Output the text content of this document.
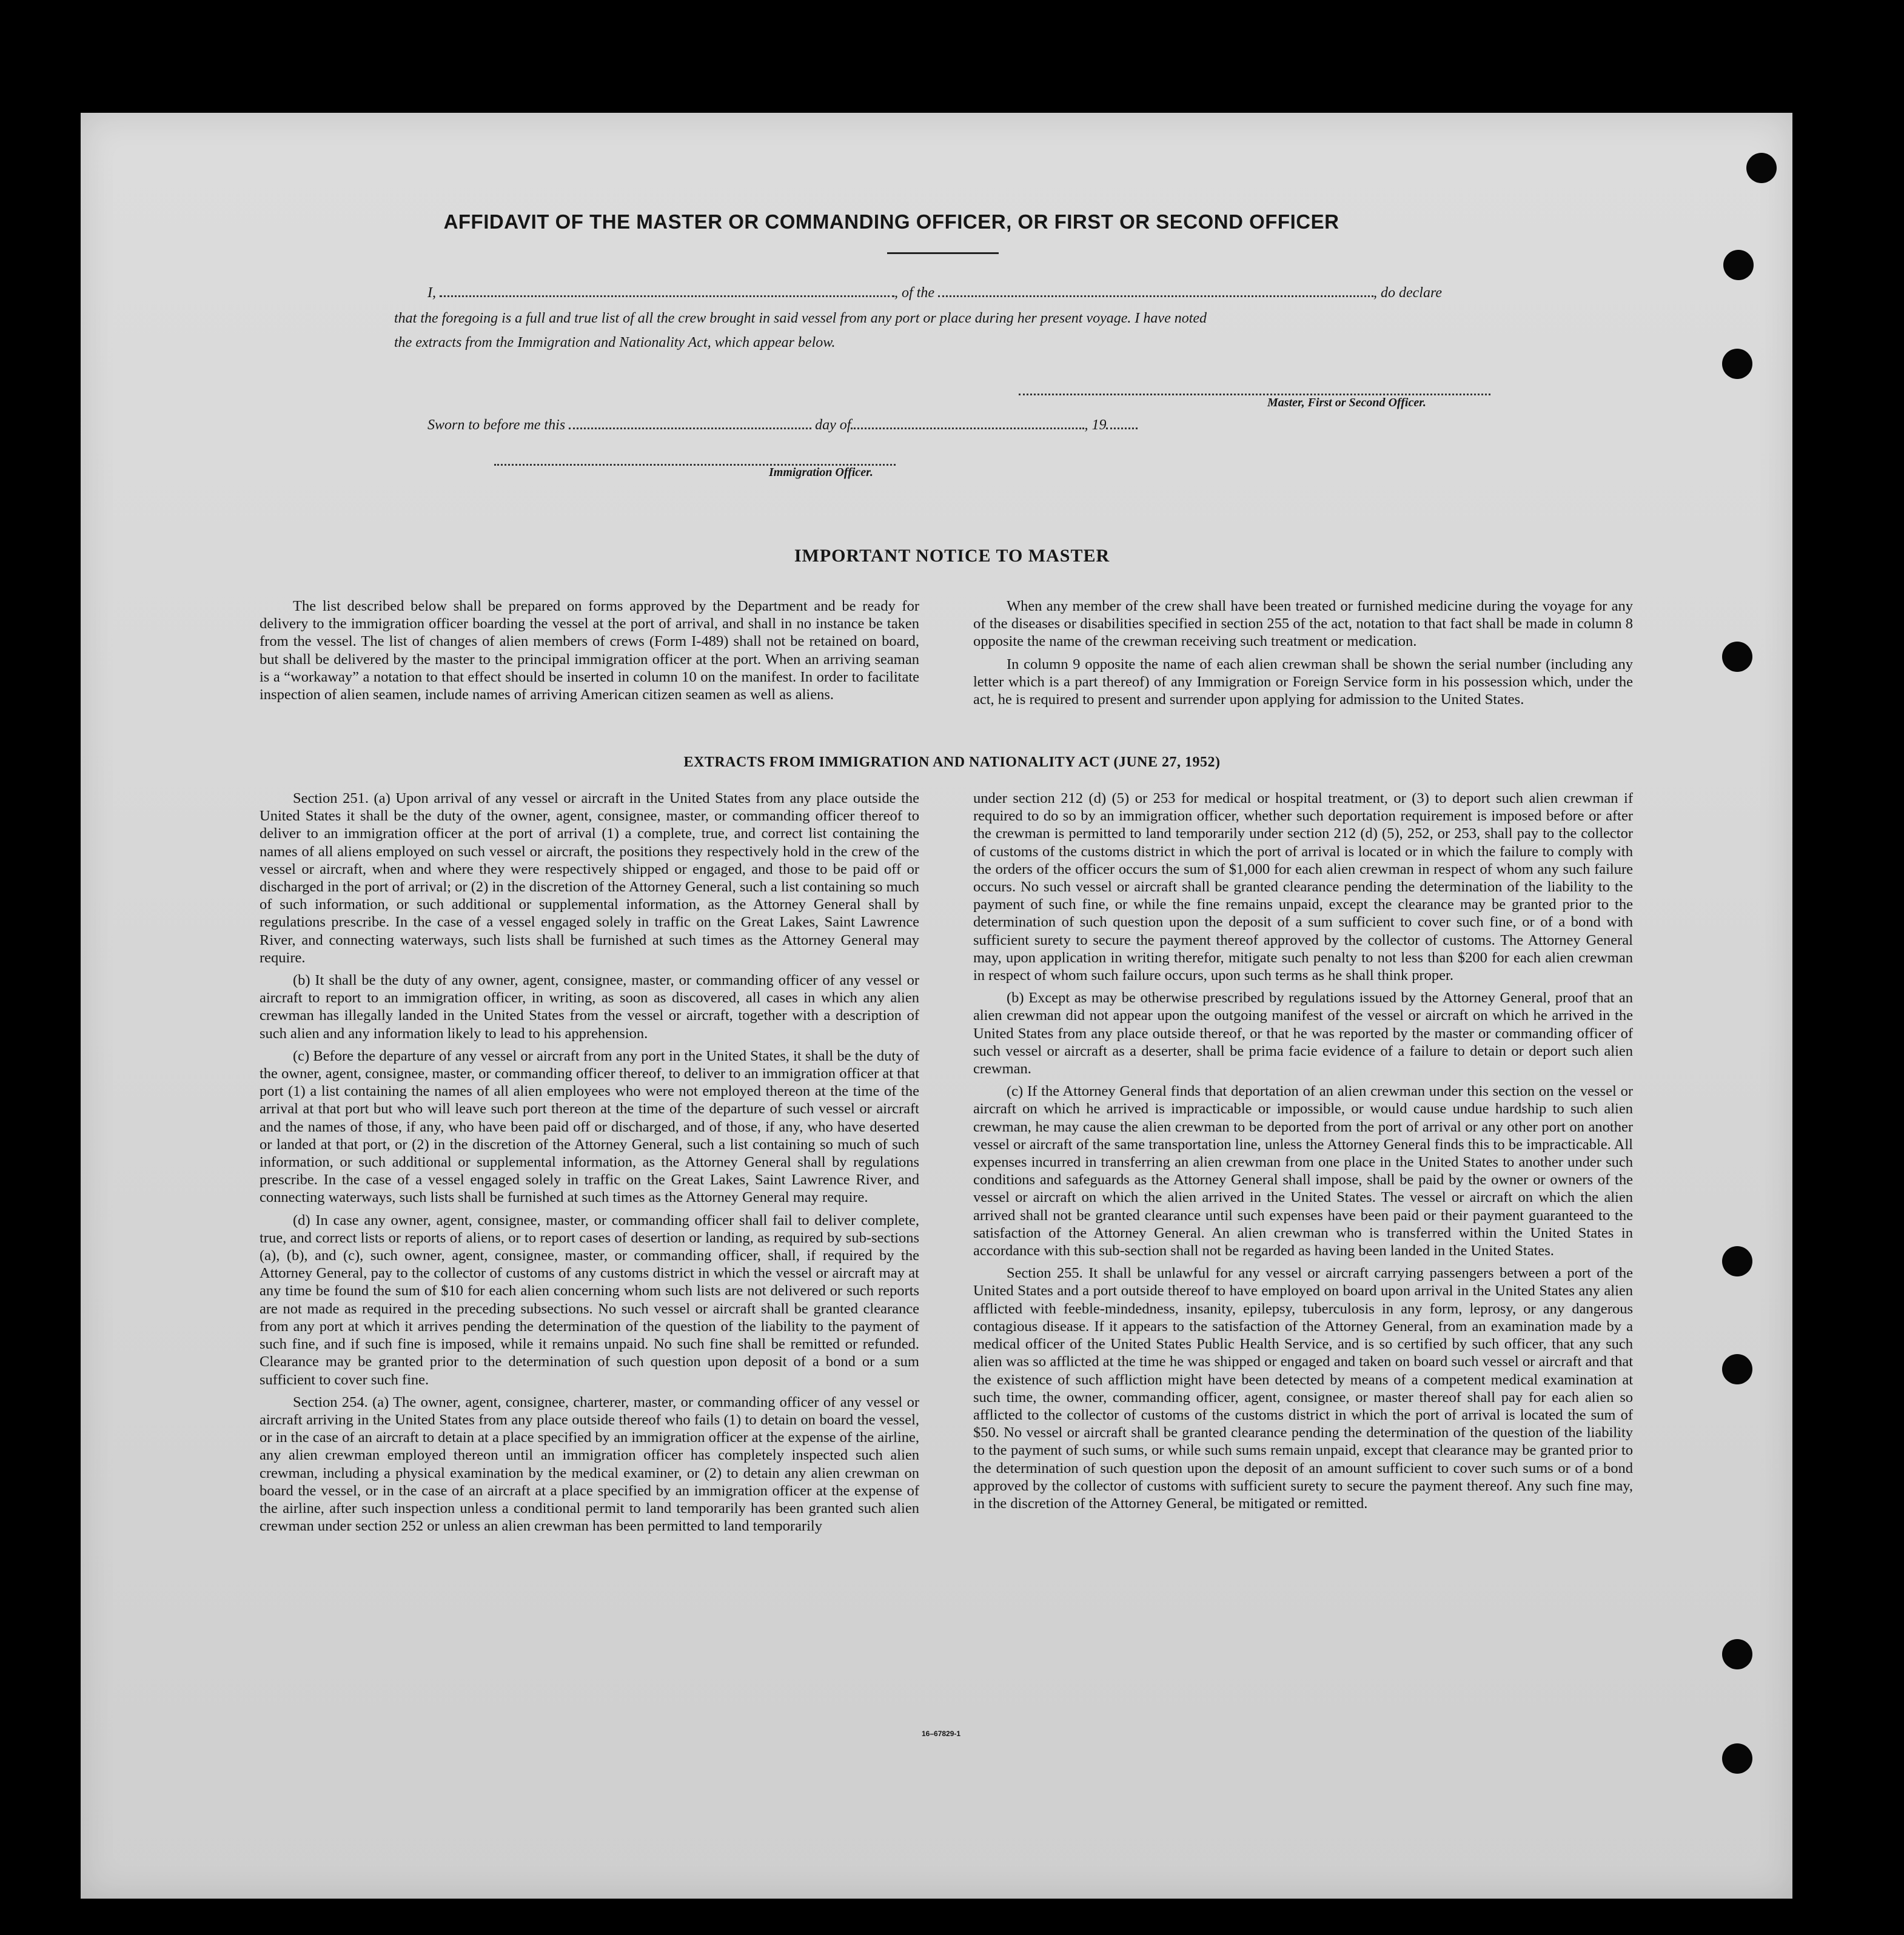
AFFIDAVIT OF THE MASTER OR COMMANDING OFFICER, OR FIRST OR SECOND OFFICER
I,	, of the	, do declare
that the foregoing is a full and true list of all the crew brought in said vessel from any port or place during her present voyage. I have noted
the extracts from the Immigration and Nationality Act, which appear below.
Master, First or Second Officer.
Sworn to before me this	day of	, 19
Immigration Officer.
IMPORTANT NOTICE TO MASTER

The list described below shall be prepared on forms approved by the Department and be ready for delivery to the immigration officer boarding the vessel at the port of arrival, and shall in no instance be taken from the vessel. The list of changes of alien members of crews (Form I-489) shall not be retained on board, but shall be delivered by the master to the principal immigration officer at the port. When an arriving seaman is a “workaway” a notation to that effect should be inserted in column 10 on the manifest. In order to facilitate inspection of alien seamen, include names of arriving American citizen seamen as well as aliens.

When any member of the crew shall have been treated or furnished medicine during the voyage for any of the diseases or disabilities specified in section 255 of the act, notation to that fact shall be made in column 8 opposite the name of the crewman receiving such treatment or medication.

In column 9 opposite the name of each alien crewman shall be shown the serial number (including any letter which is a part thereof) of any Immigration or Foreign Service form in his possession which, under the act, he is required to present and surrender upon applying for admission to the United States.

EXTRACTS FROM IMMIGRATION AND NATIONALITY ACT (JUNE 27, 1952)

Section 251. (a) Upon arrival of any vessel or aircraft in the United States from any place outside the United States it shall be the duty of the owner, agent, consignee, master, or commanding officer thereof to deliver to an immigration officer at the port of arrival (1) a complete, true, and correct list containing the names of all aliens employed on such vessel or aircraft, the positions they respectively hold in the crew of the vessel or aircraft, when and where they were respectively shipped or engaged, and those to be paid off or discharged in the port of arrival; or (2) in the discretion of the Attorney General, such a list containing so much of such information, or such additional or supplemental information, as the Attorney General shall by regulations prescribe. In the case of a vessel engaged solely in traffic on the Great Lakes, Saint Lawrence River, and connecting waterways, such lists shall be furnished at such times as the Attorney General may require.

(b) It shall be the duty of any owner, agent, consignee, master, or commanding officer of any vessel or aircraft to report to an immigration officer, in writing, as soon as discovered, all cases in which any alien crewman has illegally landed in the United States from the vessel or aircraft, together with a description of such alien and any information likely to lead to his apprehension.

(c) Before the departure of any vessel or aircraft from any port in the United States, it shall be the duty of the owner, agent, consignee, master, or commanding officer thereof, to deliver to an immigration officer at that port (1) a list containing the names of all alien employees who were not employed thereon at the time of the arrival at that port but who will leave such port thereon at the time of the departure of such vessel or aircraft and the names of those, if any, who have been paid off or discharged, and of those, if any, who have deserted or landed at that port, or (2) in the discretion of the Attorney General, such a list containing so much of such information, or such additional or supplemental information, as the Attorney General shall by regulations prescribe. In the case of a vessel engaged solely in traffic on the Great Lakes, Saint Lawrence River, and connecting waterways, such lists shall be furnished at such times as the Attorney General may require.

(d) In case any owner, agent, consignee, master, or commanding officer shall fail to deliver complete, true, and correct lists or reports of aliens, or to report cases of desertion or landing, as required by sub-sections (a), (b), and (c), such owner, agent, consignee, master, or commanding officer, shall, if required by the Attorney General, pay to the collector of customs of any customs district in which the vessel or aircraft may at any time be found the sum of $10 for each alien concerning whom such lists are not delivered or such reports are not made as required in the preceding subsections. No such vessel or aircraft shall be granted clearance from any port at which it arrives pending the determination of the question of the liability to the payment of such fine, and if such fine is imposed, while it remains unpaid. No such fine shall be remitted or refunded. Clearance may be granted prior to the determination of such question upon deposit of a bond or a sum sufficient to cover such fine.

Section 254. (a) The owner, agent, consignee, charterer, master, or commanding officer of any vessel or aircraft arriving in the United States from any place outside thereof who fails (1) to detain on board the vessel, or in the case of an aircraft to detain at a place specified by an immigration officer at the expense of the airline, any alien crewman employed thereon until an immigration officer has completely inspected such alien crewman, including a physical examination by the medical examiner, or (2) to detain any alien crewman on board the vessel, or in the case of an aircraft at a place specified by an immigration officer at the expense of the airline, after such inspection unless a conditional permit to land temporarily has been granted such alien crewman under section 252 or unless an alien crewman has been permitted to land temporarily

under section 212 (d) (5) or 253 for medical or hospital treatment, or (3) to deport such alien crewman if required to do so by an immigration officer, whether such deportation requirement is imposed before or after the crewman is permitted to land temporarily under section 212 (d) (5), 252, or 253, shall pay to the collector of customs of the customs district in which the port of arrival is located or in which the failure to comply with the orders of the officer occurs the sum of $1,000 for each alien crewman in respect of whom any such failure occurs. No such vessel or aircraft shall be granted clearance pending the determination of the liability to the payment of such fine, or while the fine remains unpaid, except the clearance may be granted prior to the determination of such question upon the deposit of a sum sufficient to cover such fine, or of a bond with sufficient surety to secure the payment thereof approved by the collector of customs. The Attorney General may, upon application in writing therefor, mitigate such penalty to not less than $200 for each alien crewman in respect of whom such failure occurs, upon such terms as he shall think proper.

(b) Except as may be otherwise prescribed by regulations issued by the Attorney General, proof that an alien crewman did not appear upon the outgoing manifest of the vessel or aircraft on which he arrived in the United States from any place outside thereof, or that he was reported by the master or commanding officer of such vessel or aircraft as a deserter, shall be prima facie evidence of a failure to detain or deport such alien crewman.

(c) If the Attorney General finds that deportation of an alien crewman under this section on the vessel or aircraft on which he arrived is impracticable or impossible, or would cause undue hardship to such alien crewman, he may cause the alien crewman to be deported from the port of arrival or any other port on another vessel or aircraft of the same transportation line, unless the Attorney General finds this to be impracticable. All expenses incurred in transferring an alien crewman from one place in the United States to another under such conditions and safeguards as the Attorney General shall impose, shall be paid by the owner or owners of the vessel or aircraft on which the alien arrived in the United States. The vessel or aircraft on which the alien arrived shall not be granted clearance until such expenses have been paid or their payment guaranteed to the satisfaction of the Attorney General. An alien crewman who is transferred within the United States in accordance with this sub-section shall not be regarded as having been landed in the United States.

Section 255. It shall be unlawful for any vessel or aircraft carrying passengers between a port of the United States and a port outside thereof to have employed on board upon arrival in the United States any alien afflicted with feeble-mindedness, insanity, epilepsy, tuberculosis in any form, leprosy, or any dangerous contagious disease. If it appears to the satisfaction of the Attorney General, from an examination made by a medical officer of the United States Public Health Service, and is so certified by such officer, that any such alien was so afflicted at the time he was shipped or engaged and taken on board such vessel or aircraft and that the existence of such affliction might have been detected by means of a competent medical examination at such time, the owner, commanding officer, agent, consignee, or master thereof shall pay for each alien so afflicted to the collector of customs of the customs district in which the port of arrival is located the sum of $50. No vessel or aircraft shall be granted clearance pending the determination of the question of the liability to the payment of such sums, or while such sums remain unpaid, except that clearance may be granted prior to the determination of such question upon the deposit of an amount sufficient to cover such sums or of a bond approved by the collector of customs with sufficient surety to secure the payment thereof. Any such fine may, in the discretion of the Attorney General, be mitigated or remitted.

16–67829-1
